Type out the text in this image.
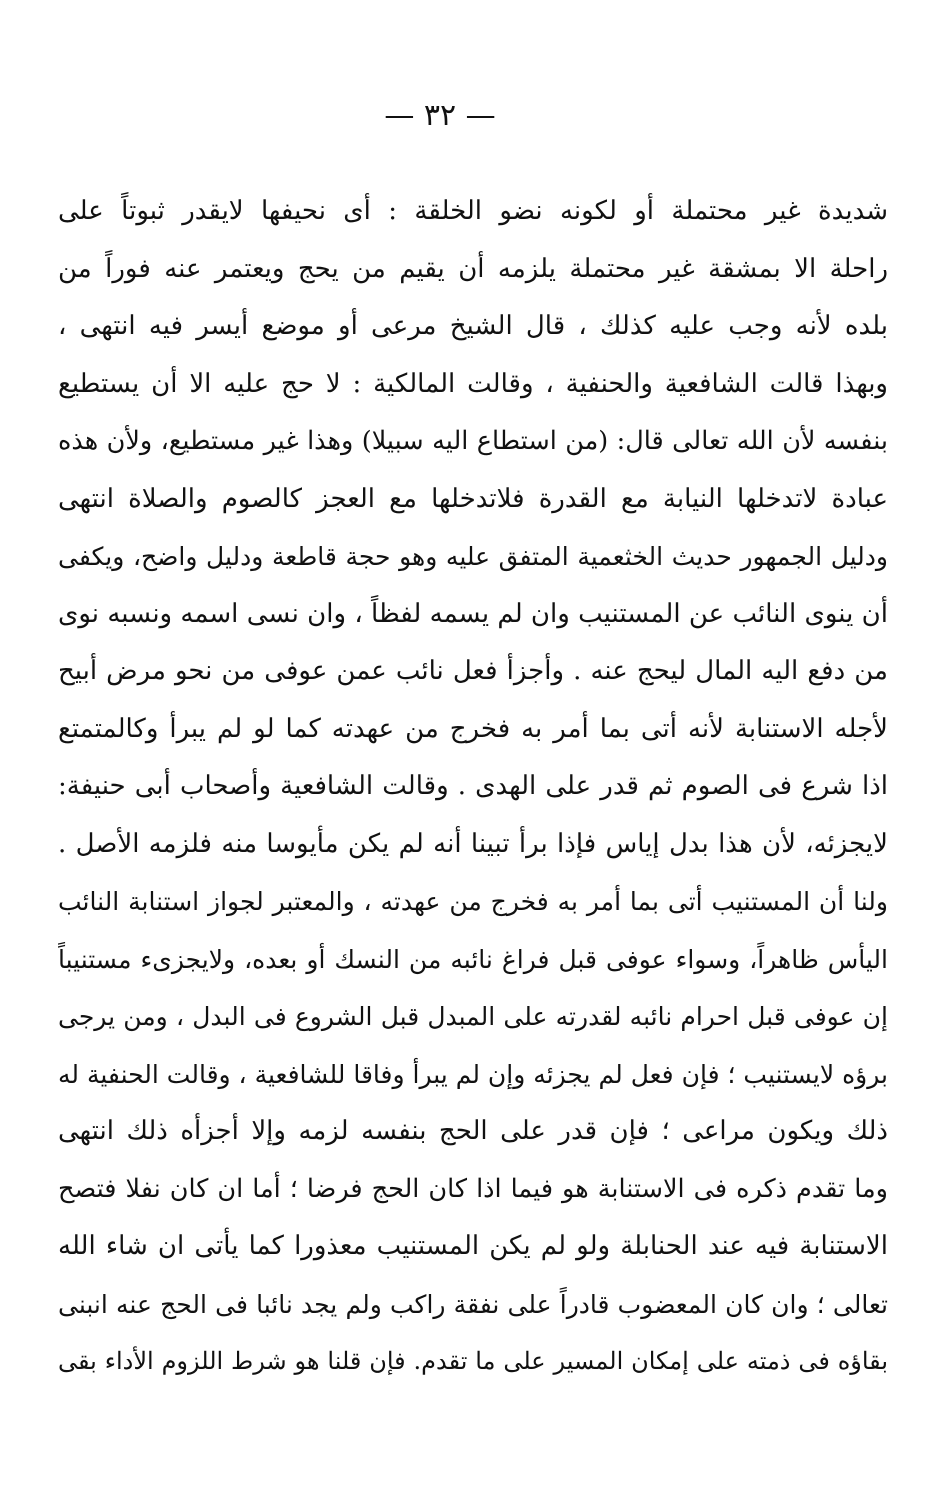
— ٣٢ —
شديدة غير محتملة أو لكونه نضو الخلقة : أى نحيفها لايقدر ثبوتاً على
راحلة الا بمشقة غير محتملة يلزمه أن يقيم من يحج ويعتمر عنه فوراً من
بلده لأنه وجب عليه كذلك ، قال الشيخ مرعى أو موضع أيسر فيه انتهى ،
وبهذا قالت الشافعية والحنفية ، وقالت المالكية : لا حج عليه الا أن يستطيع
بنفسه لأن الله تعالى قال: (من استطاع اليه سبيلا) وهذا غير مستطيع، ولأن هذه
عبادة لاتدخلها النيابة مع القدرة فلاتدخلها مع العجز كالصوم والصلاة انتهى
ودليل الجمهور حديث الخثعمية المتفق عليه وهو حجة قاطعة ودليل واضح، ويكفى
أن ينوى النائب عن المستنيب وان لم يسمه لفظاً ، وان نسى اسمه ونسبه نوى
من دفع اليه المال ليحج عنه . وأجزأ فعل نائب عمن عوفى من نحو مرض أبيح
لأجله الاستنابة لأنه أتى بما أمر به فخرج من عهدته كما لو لم يبرأ وكالمتمتع
اذا شرع فى الصوم ثم قدر على الهدى . وقالت الشافعية وأصحاب أبى حنيفة:
لايجزئه، لأن هذا بدل إياس فإذا برأ تبينا أنه لم يكن مأيوسا منه فلزمه الأصل .
ولنا أن المستنيب أتى بما أمر به فخرج من عهدته ، والمعتبر لجواز استنابة النائب
اليأس ظاهراً، وسواء عوفى قبل فراغ نائبه من النسك أو بعده، ولايجزىء مستنيباً
إن عوفى قبل احرام نائبه لقدرته على المبدل قبل الشروع فى البدل ، ومن يرجى
برؤه لايستنيب ؛ فإن فعل لم يجزئه وإن لم يبرأ وفاقا للشافعية ، وقالت الحنفية له
ذلك ويكون مراعى ؛ فإن قدر على الحج بنفسه لزمه وإلا أجزأه ذلك انتهى
وما تقدم ذكره فى الاستنابة هو فيما اذا كان الحج فرضا ؛ أما ان كان نفلا فتصح
الاستنابة فيه عند الحنابلة ولو لم يكن المستنيب معذورا كما يأتى ان شاء الله
تعالى ؛ وان كان المعضوب قادراً على نفقة راكب ولم يجد نائبا فى الحج عنه انبنى
بقاؤه فى ذمته على إمكان المسير على ما تقدم. فإن قلنا هو شرط اللزوم الأداء بقى
